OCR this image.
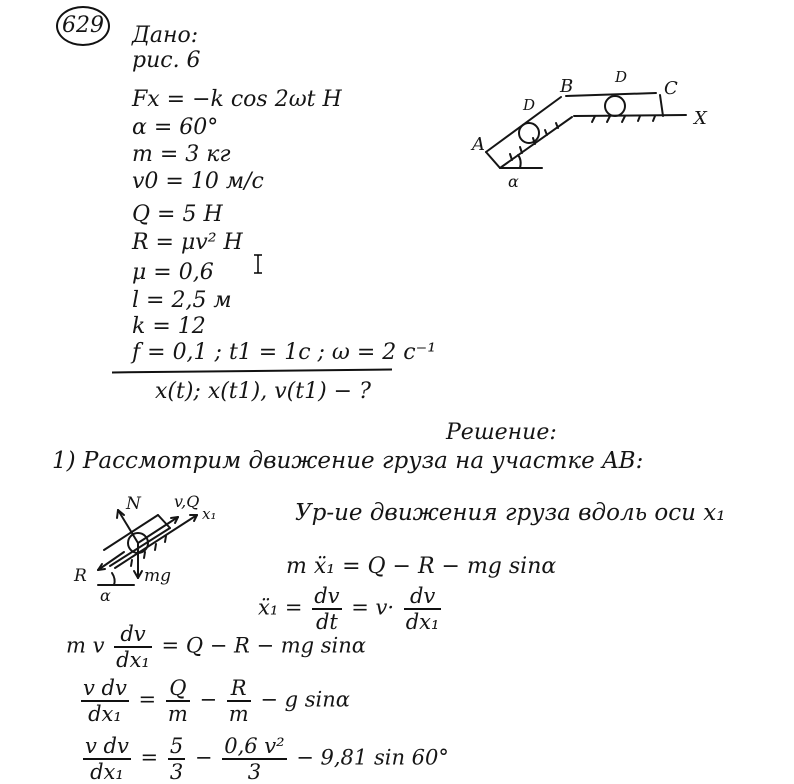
629 Дано:
рис. 6
Fx = −k cos 2ωt H
α = 60°
m = 3 кг
v0 = 10 м/с
Q = 5 H
R = μv² H
μ = 0,6
l = 2,5 м
k = 12
f = 0,1 ; t1 = 1c ; ω = 2 c⁻¹
x(t); x(t1), v(t1) − ?
A
B	C
X
D
D
α
Решение:
1) Рассмотрим движение груза на участке AB:
N v,Q
x₁
R	mg
α
Ур-ие движения груза вдоль оси x₁
m ẍ₁ = Q − R − mg sinα
ẍ₁ = $\frac{dv}{dt} = v\cdot \frac{dv}{\text{dx₁}}$
m v $\frac{dv}{\text{dx₁}} = Q - R$ − mg sinα
$\frac{\text{v dv}}{\text{dx₁}} = \frac{Q}{m} - \frac{R}{m} - g$ sinα
$\frac{\text{v dv}}{\text{dx₁}} = \frac{5}{3} - \frac{\text{0,6 v²}}{3} - 9,81$ sin 60°
